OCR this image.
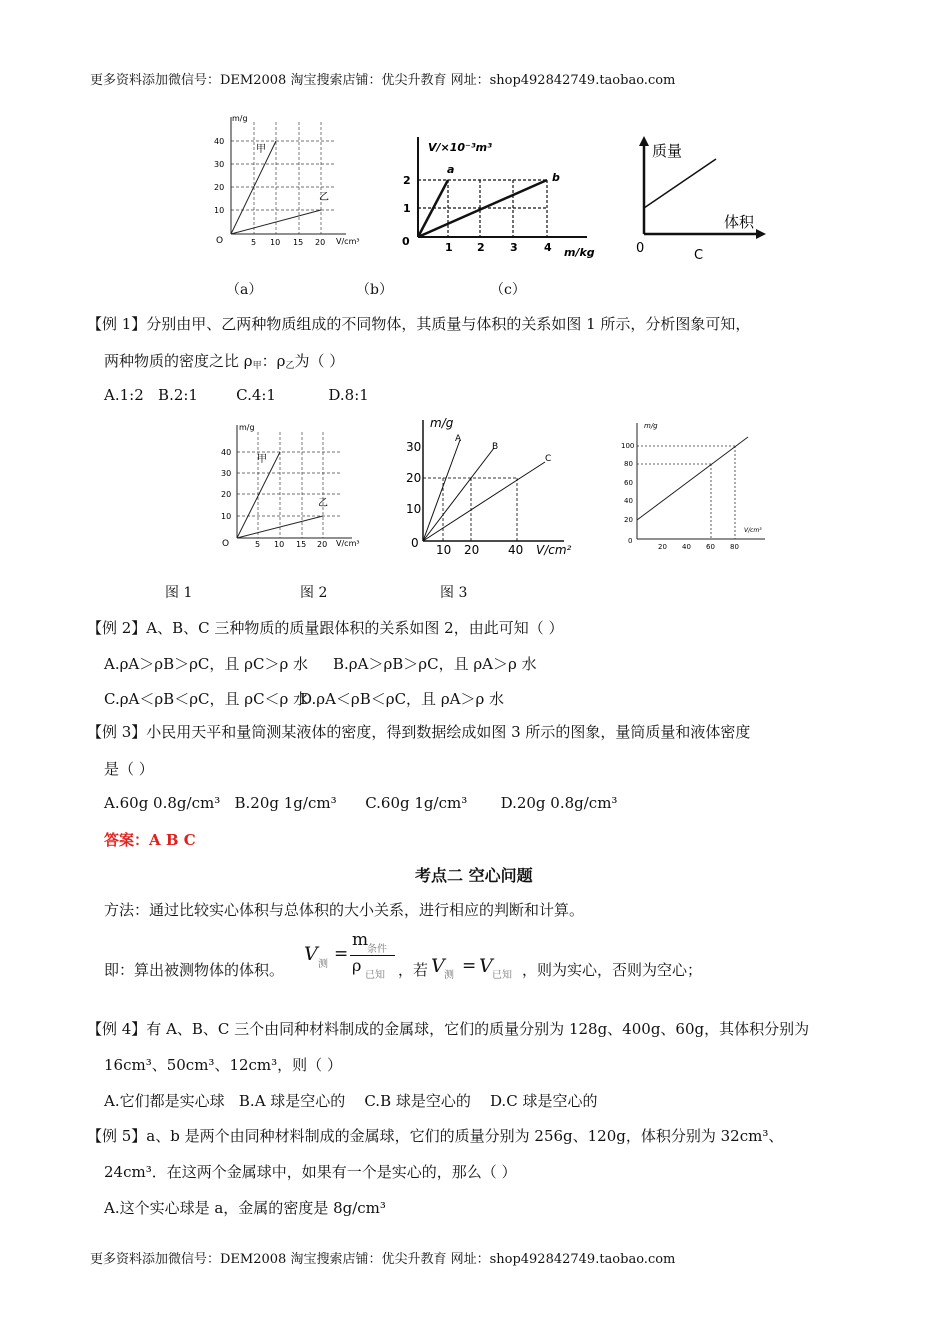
更多资料添加微信号：DEM2008 淘宝搜索店铺：优尖升教育 网址：shop492842749.taobao.com
m/g
V/cm³
O
甲
乙
10
20
30
40
5 10 15 20
V/×10⁻³m³
m/kg
a
b
0
1
2
1 2 3 4
质量
体积
0	C
（a）	（b）	（c）
【例 1】分别由甲、乙两种物质组成的不同物体，其质量与体积的关系如图 1 所示，分析图象可知，
两种物质的密度之比 $\rho_甲$：$\rho_乙$为（ ）
A.1:2   B.2:1        C.4:1           D.8:1
m/g
V/cm³
O
甲
乙
10
20
30
40
5 10 15 20
m/g
V/cm²
0
A
B
C
10
20
30
10 20 40
m/g
V/cm³
0
20
40
60
80
100
20 40 60 80
图 1	图 2	图 3
【例 2】A、B、C 三种物质的质量跟体积的关系如图 2，由此可知（ ）
A.ρA＞ρB＞ρC，且 ρC＞ρ 水 B.ρA＞ρB＞ρC，且 ρA＞ρ 水
C.ρA＜ρB＜ρC，且 ρC＜ρ 水
D.ρA＜ρB＜ρC，且 ρA＞ρ 水
【例 3】小民用天平和量筒测某液体的密度，得到数据绘成如图 3 所示的图象，量筒质量和液体密度
是（ ）
A.60g 0.8g/cm³   B.20g 1g/cm³      C.60g 1g/cm³       D.20g 0.8g/cm³
答案：A B C
考点二 空心问题
方法：通过比较实心体积与总体积的大小关系，进行相应的判断和计算。
即：算出被测物体的体积。
V 测
=
m
条件
ρ
已知 ，若 V 测 = V 已知 ，则为实心，否则为空心；
【例 4】有 A、B、C 三个由同种材料制成的金属球，它们的质量分别为 128g、400g、60g，其体积分别为
16cm³、50cm³、12cm³，则（ ）
A.它们都是实心球   B.A 球是空心的    C.B 球是空心的    D.C 球是空心的
【例 5】a、b 是两个由同种材料制成的金属球，它们的质量分别为 256g、120g，体积分别为 32cm³、
24cm³．在这两个金属球中，如果有一个是实心的，那么（ ）
A.这个实心球是 a，金属的密度是 8g/cm³
更多资料添加微信号：DEM2008 淘宝搜索店铺：优尖升教育 网址：shop492842749.taobao.com
